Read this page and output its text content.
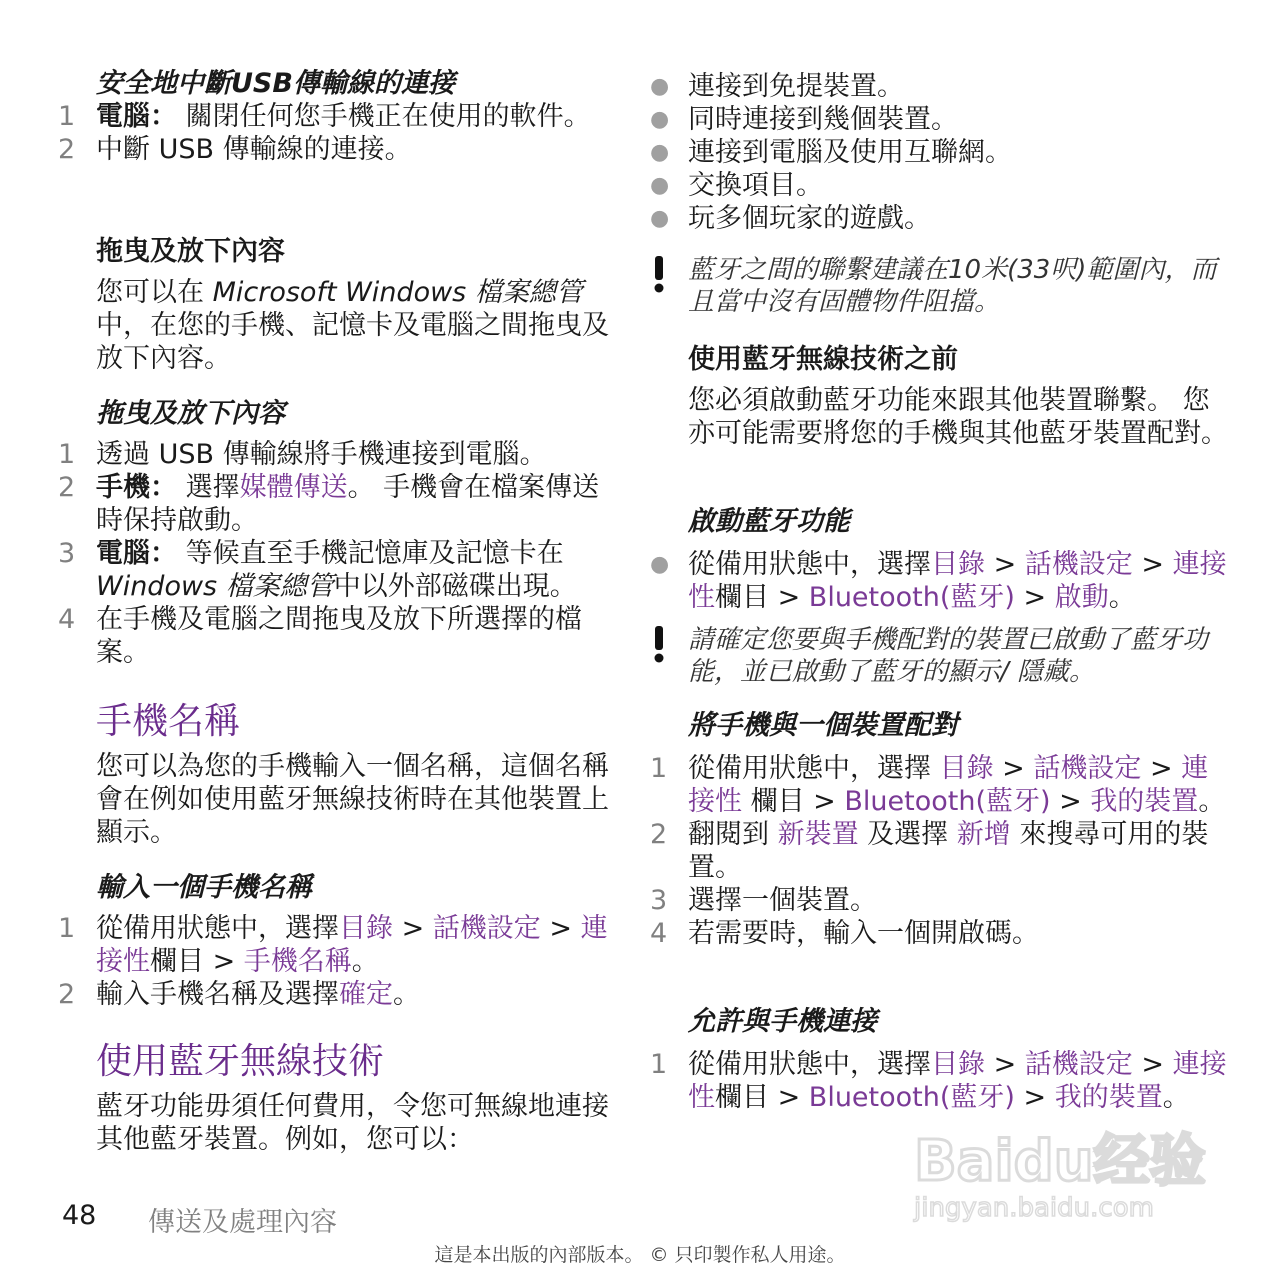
安全地中斷USB傳輸線的連接
1 電腦： 關閉任何您手機正在使用的軟件。
2 中斷 USB 傳輸線的連接。
拖曳及放下內容
您可以在 Microsoft Windows 檔案總管中，在您的手機、記憶卡及電腦之間拖曳及放下內容。
拖曳及放下內容
1 透過 USB 傳輸線將手機連接到電腦。
2 手機： 選擇媒體傳送。 手機會在檔案傳送時保持啟動。
3 電腦： 等候直至手機記憶庫及記憶卡在Windows 檔案總管中以外部磁碟出現。
4 在手機及電腦之間拖曳及放下所選擇的檔案。
手機名稱
您可以為您的手機輸入一個名稱，這個名稱會在例如使用藍牙無線技術時在其他裝置上顯示。
輸入一個手機名稱
1 從備用狀態中，選擇目錄 > 話機設定 > 連接性欄目 > 手機名稱。
2 輸入手機名稱及選擇確定。
使用藍牙無線技術
藍牙功能毋須任何費用，令您可無線地連接其他藍牙裝置。例如，您可以：
● 連接到免提裝置。
● 同時連接到幾個裝置。
● 連接到電腦及使用互聯網。
● 交換項目。
● 玩多個玩家的遊戲。
藍牙之間的聯繫建議在10米(33呎)範圍內，而且當中沒有固體物件阻擋。
使用藍牙無線技術之前
您必須啟動藍牙功能來跟其他裝置聯繫。 您亦可能需要將您的手機與其他藍牙裝置配對。
啟動藍牙功能
● 從備用狀態中，選擇目錄 > 話機設定 > 連接性欄目 > Bluetooth(藍牙) > 啟動。
請確定您要與手機配對的裝置已啟動了藍牙功能，並已啟動了藍牙的顯示/ 隱藏。
將手機與一個裝置配對
1 從備用狀態中，選擇 目錄 > 話機設定 > 連接性 欄目 > Bluetooth(藍牙) > 我的裝置。
2 翻閱到 新裝置 及選擇 新增 來搜尋可用的裝置。
3 選擇一個裝置。
4 若需要時，輸入一個開啟碼。
允許與手機連接
1 從備用狀態中，選擇目錄 > 話機設定 > 連接性欄目 > Bluetooth(藍牙) > 我的裝置。
Baidu经验
jingyan.baidu.com
48 傳送及處理內容
這是本出版的內部版本。 © 只印製作私人用途。
